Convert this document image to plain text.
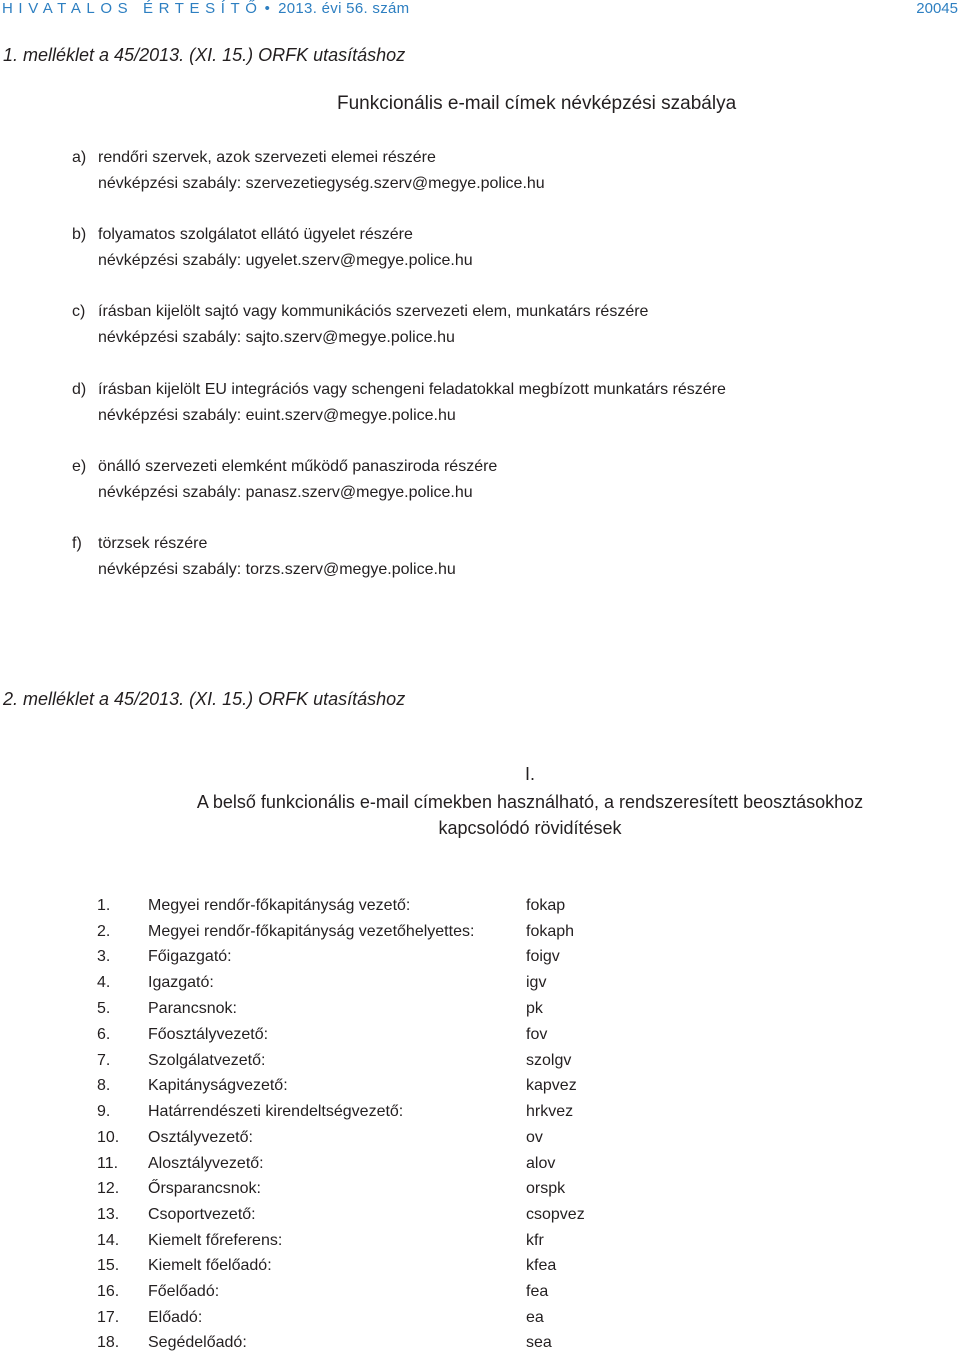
HIVATALOS ÉRTESÍTŐ • 2013. évi 56. szám	20045
1. melléklet a 45/2013. (XI. 15.) ORFK utasításhoz
Funkcionális e-mail címek névképzési szabálya
a) rendőri szervek, azok szervezeti elemei részére
névképzési szabály: szervezetiegység.szerv@megye.police.hu
b) folyamatos szolgálatot ellátó ügyelet részére
névképzési szabály: ugyelet.szerv@megye.police.hu
c) írásban kijelölt sajtó vagy kommunikációs szervezeti elem, munkatárs részére
névképzési szabály: sajto.szerv@megye.police.hu
d) írásban kijelölt EU integrációs vagy schengeni feladatokkal megbízott munkatárs részére
névképzési szabály: euint.szerv@megye.police.hu
e) önálló szervezeti elemként működő panasziroda részére
névképzési szabály: panasz.szerv@megye.police.hu
f) törzsek részére
névképzési szabály: torzs.szerv@megye.police.hu
2. melléklet a 45/2013. (XI. 15.) ORFK utasításhoz
I.
A belső funkcionális e-mail címekben használható, a rendszeresített beosztásokhoz
kapcsolódó rövidítések
1. Megyei rendőr-főkapitányság vezető:	fokap
2. Megyei rendőr-főkapitányság vezetőhelyettes:	fokaph
3. Főigazgató:	foigv
4. Igazgató:	igv
5. Parancsnok:	pk
6. Főosztályvezető:	fov
7. Szolgálatvezető:	szolgv
8. Kapitányságvezető:	kapvez
9. Határrendészeti kirendeltségvezető:	hrkvez
10. Osztályvezető:	ov
11. Alosztályvezető:	alov
12. Őrsparancsnok:	orspk
13. Csoportvezető:	csopvez
14. Kiemelt főreferens:	kfr
15. Kiemelt főelőadó:	kfea
16. Főelőadó:	fea
17. Előadó:	ea
18. Segédelőadó:	sea
